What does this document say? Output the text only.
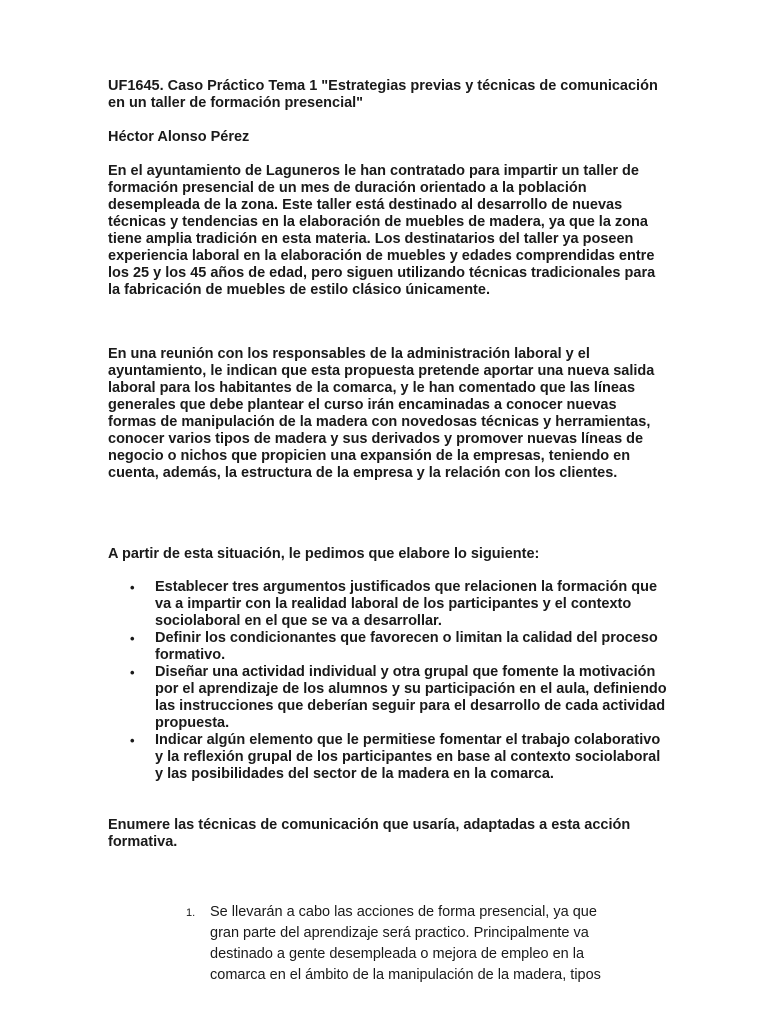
UF1645. Caso Práctico Tema 1 "Estrategias previas y técnicas de comunicación en un taller de formación presencial"

Héctor Alonso Pérez

En el ayuntamiento de Laguneros le han contratado para impartir un taller de formación presencial de un mes de duración orientado a la población desempleada de la zona. Este taller está destinado al desarrollo de nuevas técnicas y tendencias en la elaboración de muebles de madera, ya que la zona tiene amplia tradición en esta materia. Los destinatarios del taller ya poseen experiencia laboral en la elaboración de muebles y edades comprendidas entre los 25 y los 45 años de edad, pero siguen utilizando técnicas tradicionales para la fabricación de muebles de estilo clásico únicamente.

En una reunión con los responsables de la administración laboral y el ayuntamiento, le indican que esta propuesta pretende aportar una nueva salida laboral para los habitantes de la comarca, y le han comentado que las líneas generales que debe plantear el curso irán encaminadas a conocer nuevas formas de manipulación de la madera con novedosas técnicas y herramientas, conocer varios tipos de madera y sus derivados y promover nuevas líneas de negocio o nichos que propicien una expansión de la empresas, teniendo en cuenta, además, la estructura de la empresa y la relación con los clientes.

A partir de esta situación, le pedimos que elabore lo siguiente:

• Establecer tres argumentos justificados que relacionen la formación que va a impartir con la realidad laboral de los participantes y el contexto sociolaboral en el que se va a desarrollar.
• Definir los condicionantes que favorecen o limitan la calidad del proceso formativo.
• Diseñar una actividad individual y otra grupal que fomente la motivación por el aprendizaje de los alumnos y su participación en el aula, definiendo las instrucciones que deberían seguir para el desarrollo de cada actividad propuesta.
• Indicar algún elemento que le permitiese fomentar el trabajo colaborativo y la reflexión grupal de los participantes en base al contexto sociolaboral y las posibilidades del sector de la madera en la comarca.

Enumere las técnicas de comunicación que usaría, adaptadas a esta acción formativa.

1.	Se llevarán a cabo las acciones de forma presencial, ya que gran parte del aprendizaje será practico. Principalmente va destinado a gente desempleada o mejora de empleo en la comarca en el ámbito de la manipulación de la madera, tipos
